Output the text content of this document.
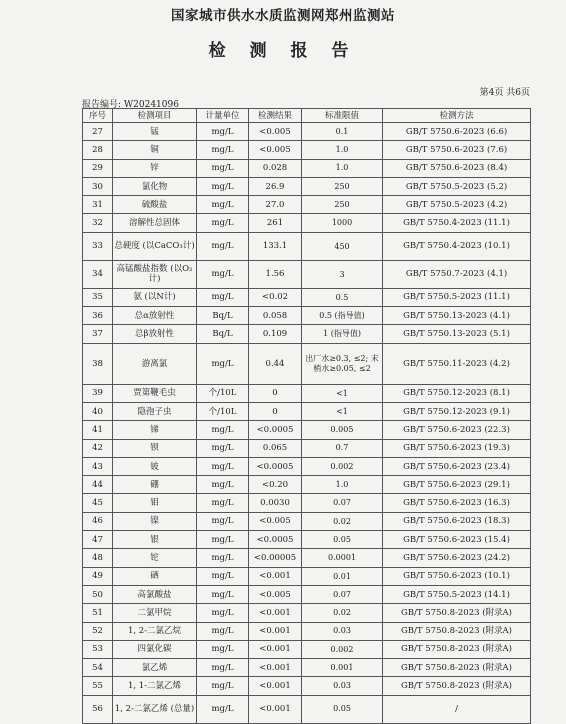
国家城市供水水质监测网郑州监测站
检 测 报 告
第4页 共6页
报告编号: W20241096
序号	检测项目	计量单位	检测结果	标准限值	检测方法
27	锰	mg/L	<0.005	0.1	GB/T 5750.6-2023 (6.6)
28	铜	mg/L	<0.005	1.0	GB/T 5750.6-2023 (7.6)
29	锌	mg/L	0.028	1.0	GB/T 5750.6-2023 (8.4)
30	氯化物	mg/L	26.9	250	GB/T 5750.5-2023 (5.2)
31	硫酸盐	mg/L	27.0	250	GB/T 5750.5-2023 (4.2)
32	溶解性总固体	mg/L	261	1000	GB/T 5750.4-2023 (11.1)
33	总硬度 (以CaCO₃计)	mg/L	133.1	450	GB/T 5750.4-2023 (10.1)
34	高锰酸盐指数 (以O₂计)	mg/L	1.56	3	GB/T 5750.7-2023 (4.1)
35	氨 (以N计)	mg/L	<0.02	0.5	GB/T 5750.5-2023 (11.1)
36	总α放射性	Bq/L	0.058	0.5 (指导值)	GB/T 5750.13-2023 (4.1)
37	总β放射性	Bq/L	0.109	1 (指导值)	GB/T 5750.13-2023 (5.1)
38	游离氯	mg/L	0.44	出厂水≥0.3, ≤2; 末梢水≥0.05, ≤2	GB/T 5750.11-2023 (4.2)
39	贾第鞭毛虫	个/10L	0	<1	GB/T 5750.12-2023 (8.1)
40	隐孢子虫	个/10L	0	<1	GB/T 5750.12-2023 (9.1)
41	锑	mg/L	<0.0005	0.005	GB/T 5750.6-2023 (22.3)
42	钡	mg/L	0.065	0.7	GB/T 5750.6-2023 (19.3)
43	铍	mg/L	<0.0005	0.002	GB/T 5750.6-2023 (23.4)
44	硼	mg/L	<0.20	1.0	GB/T 5750.6-2023 (29.1)
45	钼	mg/L	0.0030	0.07	GB/T 5750.6-2023 (16.3)
46	镍	mg/L	<0.005	0.02	GB/T 5750.6-2023 (18.3)
47	银	mg/L	<0.0005	0.05	GB/T 5750.6-2023 (15.4)
48	铊	mg/L	<0.00005	0.0001	GB/T 5750.6-2023 (24.2)
49	硒	mg/L	<0.001	0.01	GB/T 5750.6-2023 (10.1)
50	高氯酸盐	mg/L	<0.005	0.07	GB/T 5750.5-2023 (14.1)
51	二氯甲烷	mg/L	<0.001	0.02	GB/T 5750.8-2023 (附录A)
52	1, 2-二氯乙烷	mg/L	<0.001	0.03	GB/T 5750.8-2023 (附录A)
53	四氯化碳	mg/L	<0.001	0.002	GB/T 5750.8-2023 (附录A)
54	氯乙烯	mg/L	<0.001	0.001	GB/T 5750.8-2023 (附录A)
55	1, 1-二氯乙烯	mg/L	<0.001	0.03	GB/T 5750.8-2023 (附录A)
56	1, 2-二氯乙烯 (总量)	mg/L	<0.001	0.05	/
